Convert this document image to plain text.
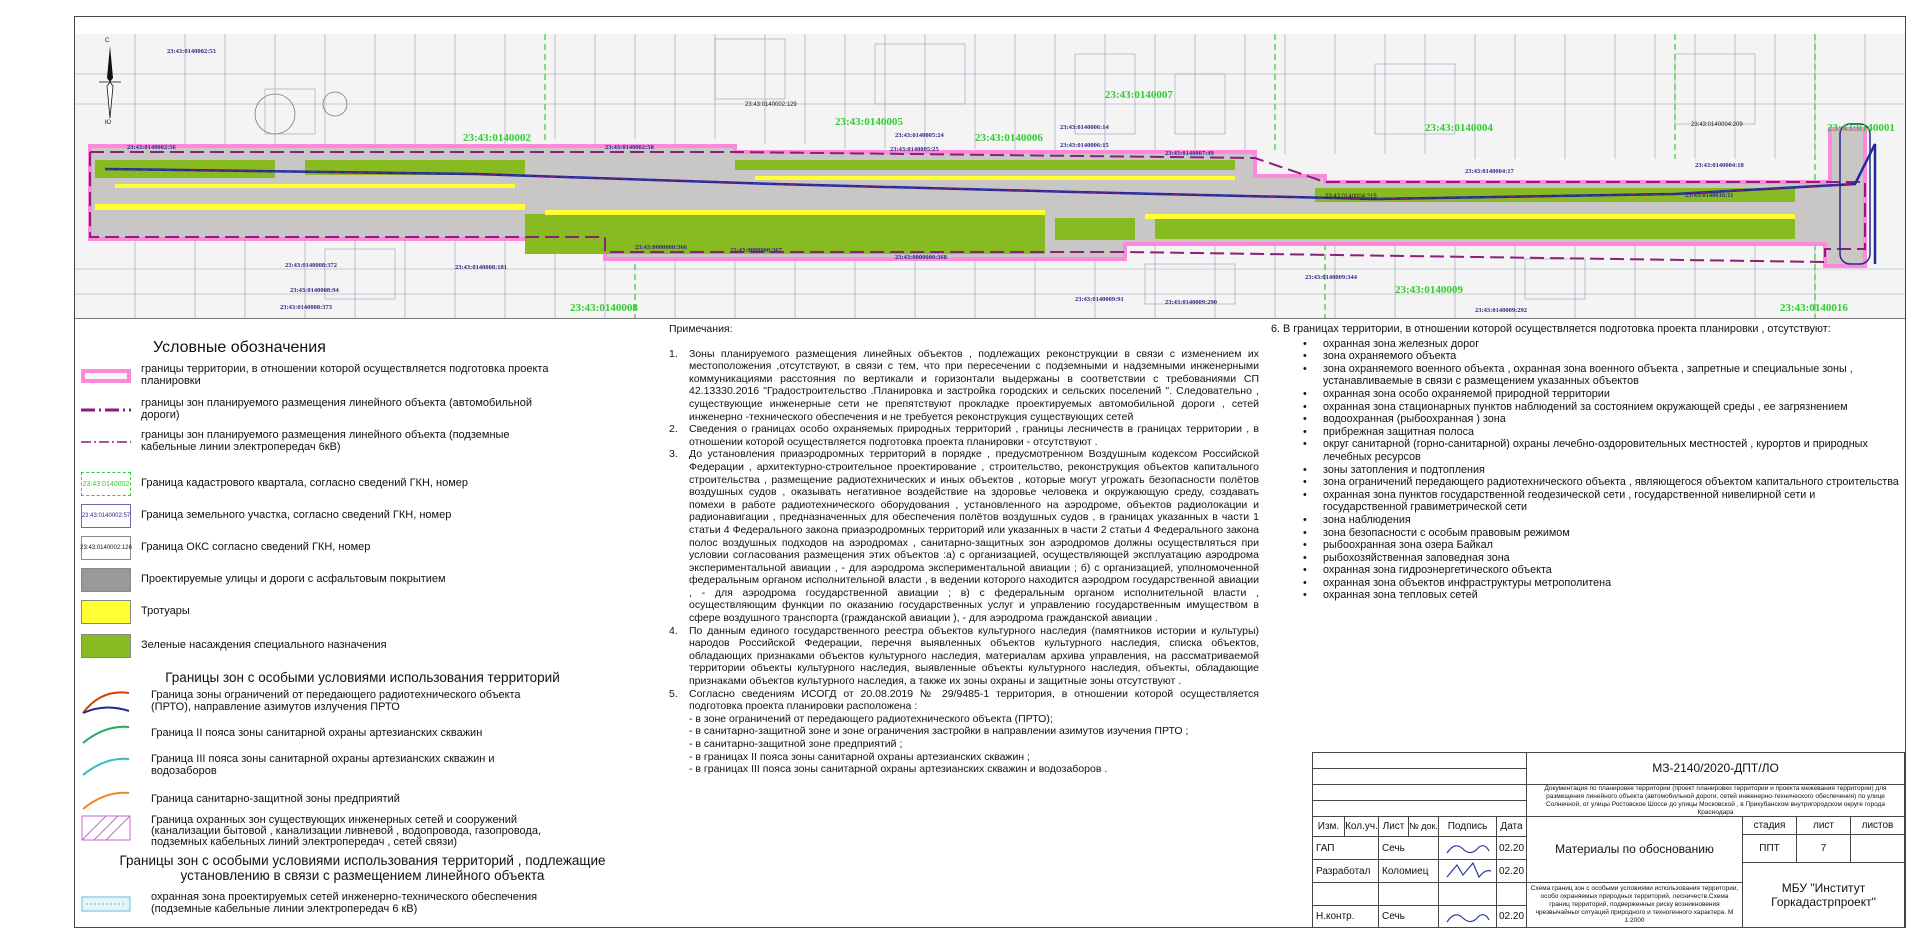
С
Ю
23:43:0140002
23:43:0140005
23:43:0140006
23:43:0140007
23:43:0140004
23:43:0140008
23:43:0140009
23:43:0140016
23:43:0140001
23:43:0140002:53
23:43:0140002:56	23:43:0140002:58
23:43:0140005:24
23:43:0140005:25
23:43:0140006:14
23:43:0140006:15
23:43:0140007:49
23:43:0140004:17
23:43:0140004:18
23:43:0000000:366	23:43:0000000:367
23:43:0000000:368
23:43:0140008:372
23:43:0140008:373
23:43:0140008:94
23:43:0140009:91	23:43:0140009:290
23:43:0140009:292
23:43:0140008:181
23:43:0140009:344
23:43:0140016:11
23:43:0140002:129
23:43:0140004:209
23:43:0140004:215
Условные обозначения
границы территории, в отношении которой осуществляется подготовка проекта планировки
границы зон планируемого размещения линейного объекта (автомобильной дороги)
границы зон планируемого размещения линейного объекта (подземные кабельные линии электропередач 6кВ)
23:43:0140002 Граница кадастрового квартала, согласно сведений ГКН, номер
23:43:0140002:57 Граница земельного участка, согласно сведений ГКН, номер
23:43:0140002:126 Граница ОКС согласно сведений ГКН, номер
Проектируемые улицы и дороги с асфальтовым покрытием
Тротуары
Зеленые насаждения специального назначения
Границы зон с особыми условиями использования территорий
Граница зоны ограничений от передающего радиотехнического объекта (ПРТО), направление азимутов излучения ПРТО
Граница II пояса зоны санитарной охраны артезианских скважин
Граница III пояса зоны санитарной охраны артезианских скважин и водозаборов
Граница санитарно-защитной зоны предприятий
Граница охранных зон существующих инженерных сетей и сооружений (канализации бытовой , канализации ливневой , водопровода, газопровода, подземных кабельных линий электропередач , сетей связи)
Границы зон с особыми условиями использования территорий , подлежащие установлению в связи с размещением линейного объекта
охранная зона проектируемых сетей инженерно-технического обеспечения (подземные кабельные линии электропередач 6 кВ)
Примечания:
1. Зоны планируемого размещения линейных объектов , подлежащих реконструкции в связи с изменением их местоположения ,отсутствуют, в связи с тем, что при пересечении с подземными и надземными инженерными коммуникациями расстояния по вертикали и горизонтали выдержаны в соответствии с требованиями СП 42.13330.2016 "Градостроительство .Планировка и застройка городских и сельских поселений ". Следовательно , существующие инженерные сети не препятствуют прокладке проектируемых автомобильной дороги , сетей инженерно -технического обеспечения и не требуется реконструкция существующих сетей
2. Сведения о границах особо охраняемых природных территорий , границы лесничеств в границах территории , в отношении которой осуществляется подготовка проекта планировки - отсутствуют .
3. До установления приаэродромных территорий в порядке , предусмотренном Воздушным кодексом Российской Федерации , архитектурно-строительное проектирование , строительство, реконструкция объектов капитального строительства , размещение радиотехнических и иных объектов , которые могут угрожать безопасности полётов воздушных судов , оказывать негативное воздействие на здоровье человека и окружающую среду, создавать помехи в работе радиотехнического оборудования , установленного на аэродроме, объектов радиолокации и радионавигации , предназначенных для обеспечения полётов воздушных судов , в границах указанных в части 1 статьи 4 Федерального закона приаэродромных территорий или указанных в части 2 статьи 4 Федерального закона полос воздушных подходов на аэродромах , санитарно-защитных зон аэродромов должны осуществляться при условии согласования размещения этих объектов :а) с организацией, осуществляющей эксплуатацию аэродрома экспериментальной авиации , - для аэродрома экспериментальной авиации ; б) с организацией, уполномоченной федеральным органом исполнительной власти , в ведении которого находится аэродром государственной авиации , - для аэродрома государственной авиации ; в) с федеральным органом исполнительной власти , осуществляющим функции по оказанию государственных услуг и управлению государственным имуществом в сфере воздушного транспорта (гражданской авиации ), - для аэродрома гражданской авиации .
4. По данным единого государственного реестра объектов культурного наследия (памятников истории и культуры) народов Российской Федерации, перечня выявленных объектов культурного наследия, списка объектов, обладающих признаками объектов культурного наследия, материалам архива управления, на рассматриваемой территории объекты культурного наследия, выявленные объекты культурного наследия, объекты, обладающие признаками объектов культурного наследия, а также их зоны охраны и защитные зоны отсутствуют .
5. Согласно сведениям ИСОГД от 20.08.2019 № 29/9485-1 территория, в отношении которой осуществляется подготовка проекта планировки расположена :
- в зоне ограничений от передающего радиотехнического объекта (ПРТО);
- в санитарно-защитной зоне и зоне ограничения застройки в направлении азимутов изучения ПРТО ;
- в санитарно-защитной зоне предприятий ;
- в границах II пояса зоны санитарной охраны артезианских скважин ;
- в границах III пояса зоны санитарной охраны артезианских скважин и водозаборов .
6. В границах территории, в отношении которой осуществляется подготовка проекта планировки , отсутствуют:
• охранная зона железных дорог
• зона охраняемого объекта
• зона охраняемого военного объекта , охранная зона военного объекта , запретные и специальные зоны , устанавливаемые в связи с размещением указанных объектов
• охранная зона особо охраняемой природной территории
• охранная зона стационарных пунктов наблюдений за состоянием окружающей среды , ее загрязнением
• водоохранная (рыбоохранная ) зона
• прибрежная защитная полоса
• округ санитарной (горно-санитарной) охраны лечебно-оздоровительных местностей , курортов и природных лечебных ресурсов
• зоны затопления и подтопления
• зона ограничений передающего радиотехнического объекта , являющегося объектом капитального строительства
• охранная зона пунктов государственной геодезической сети , государственной нивелирной сети и государственной гравиметрической сети
• зона наблюдения
• зона безопасности с особым правовым режимом
• рыбоохранная зона озера Байкал
• рыбохозяйственная заповедная зона
• охранная зона гидроэнергетического объекта
• охранная зона объектов инфраструктуры метрополитена
• охранная зона тепловых сетей
МЗ-2140/2020-ДПТ/ЛО
Документация по планировке территории (проект планировки территории и проекта межевания территории) для размещения линейного объекта (автомобильной дороги, сетей инженерно-технического обеспечения) по улице Солнечной, от улицы Ростовское Шоссе до улицы Московской , в Прикубанском внутригородском округе города Краснодара
Изм. Кол.уч. Лист № док. Подпись	Дата
ГАП	Сечь	02.20
Разработал	Коломиец	02.20
Н.контр.	Сечь	02.20
Материалы по обоснованию
стадия	лист	листов
ППТ	7
Схема границ зон с особыми условиями использования территории, особо охраняемых природных территорий, лесничеств.Схема границ территорий, подверженных риску возникновения чрезвычайных ситуаций природного и техногенного характера. М 1:2000
МБУ "Институт Горкадастрпроект"
